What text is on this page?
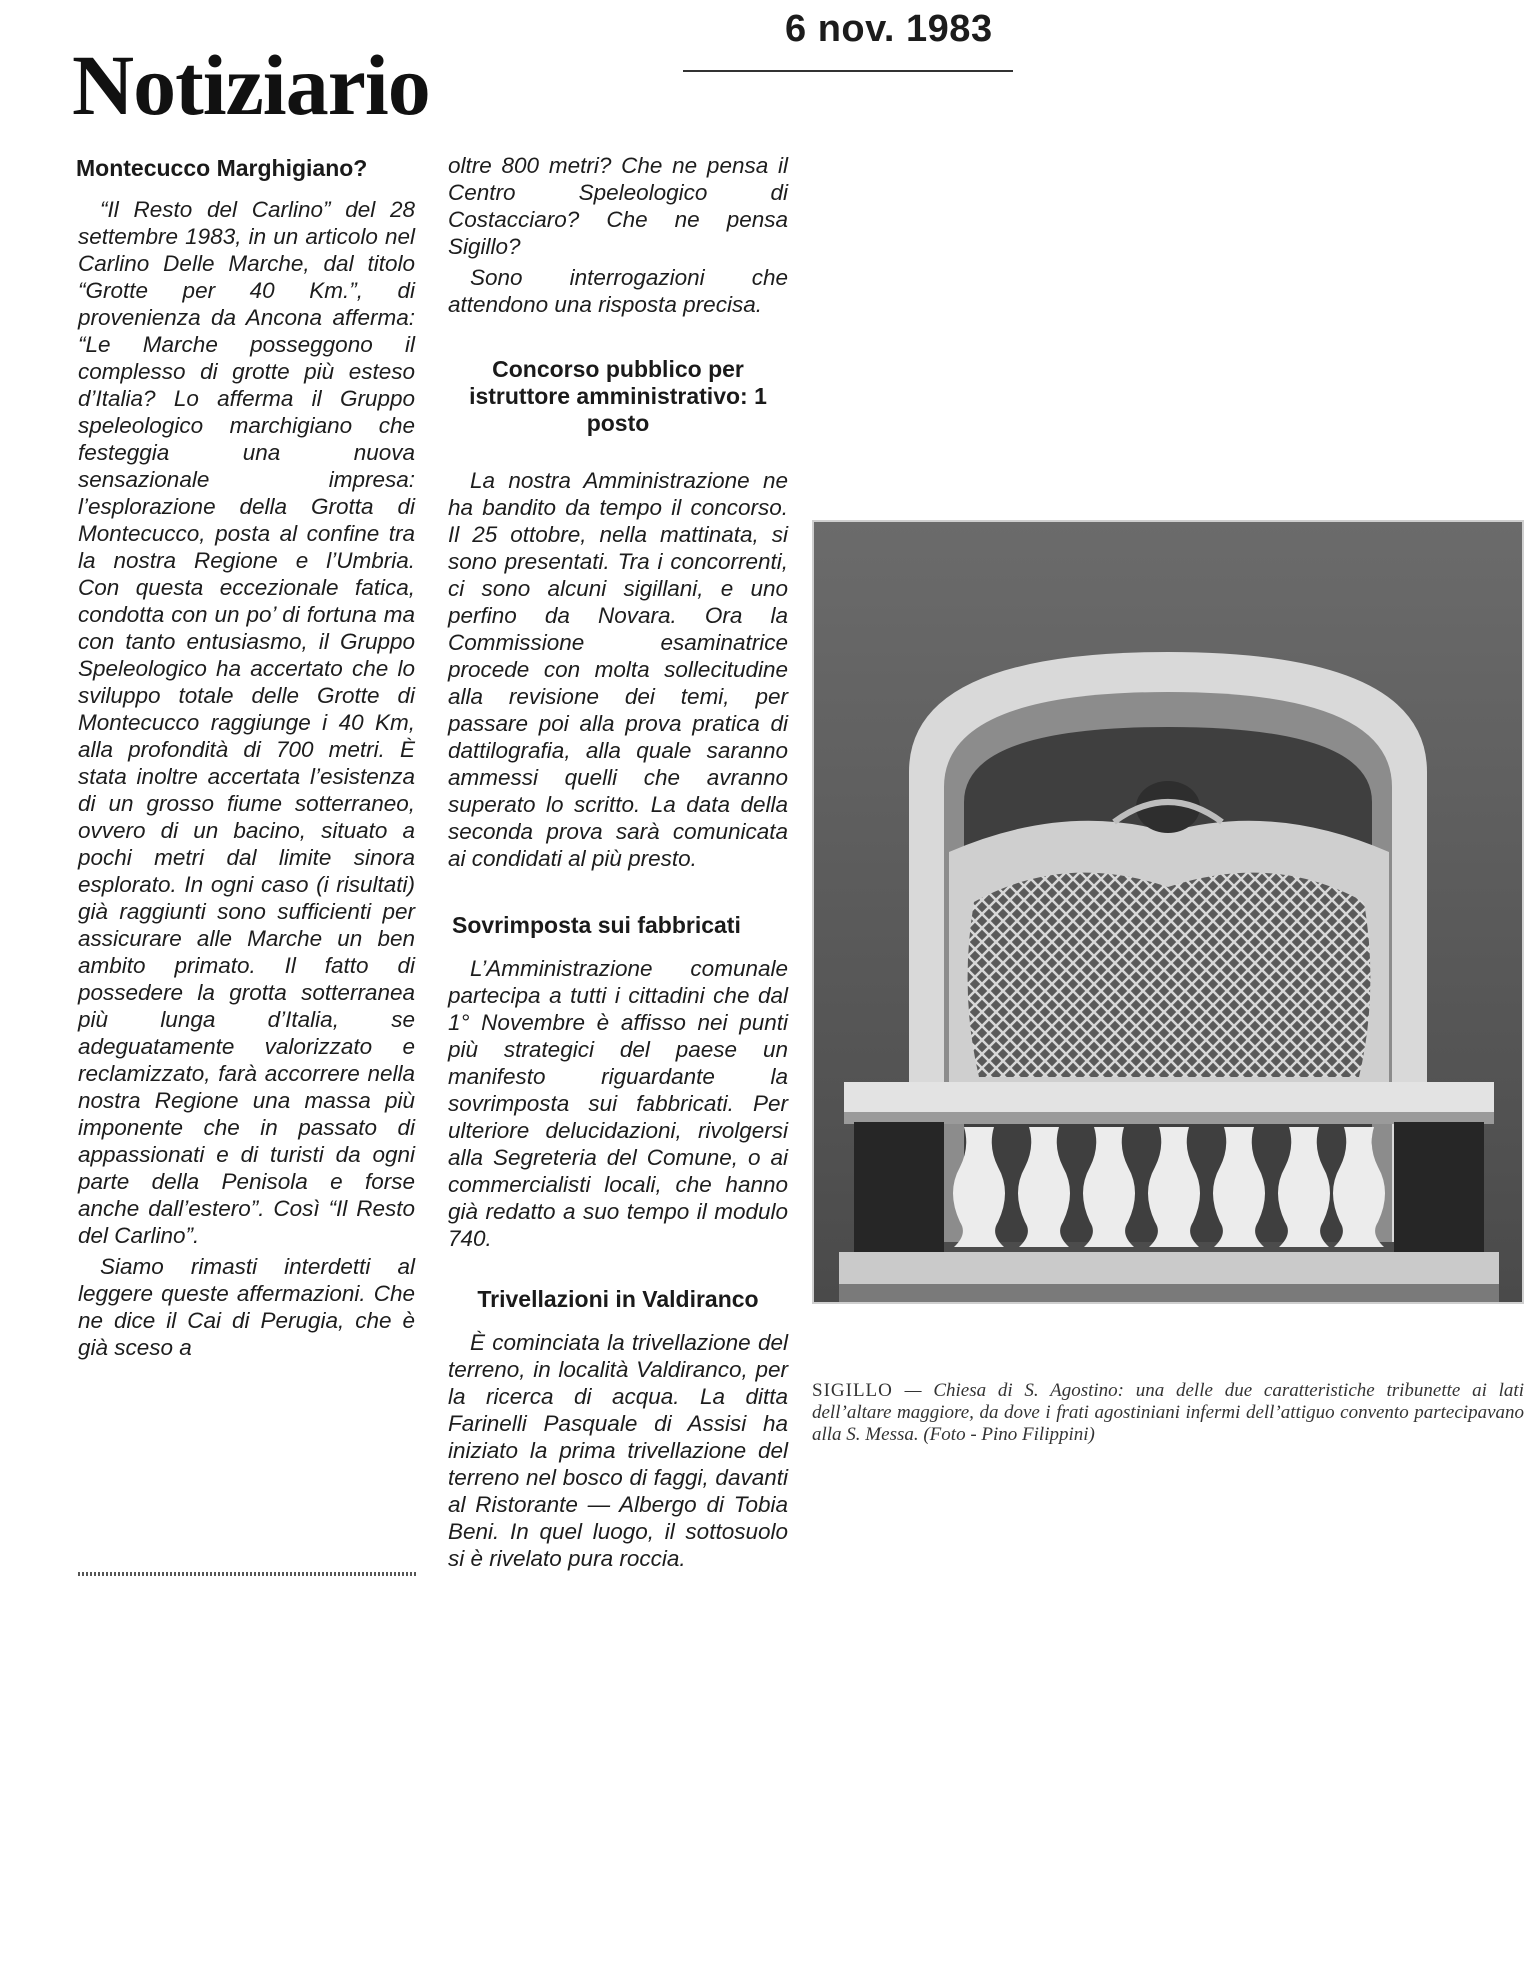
6 nov. 1983
Notiziario
Montecucco Marghigiano?

“Il Resto del Carlino” del 28 settembre 1983, in un articolo nel Carlino Delle Marche, dal titolo “Grotte per 40 Km.”, di provenienza da Ancona afferma: “Le Marche posseggono il complesso di grotte più esteso d’Italia? Lo afferma il Gruppo speleologico marchigiano che festeggia una nuova sensazionale impresa: l’esplorazione della Grotta di Montecucco, posta al confine tra la nostra Regione e l’Umbria. Con questa eccezionale fatica, condotta con un po’ di fortuna ma con tanto entusiasmo, il Gruppo Speleologico ha accertato che lo sviluppo totale delle Grotte di Montecucco raggiunge i 40 Km, alla profondità di 700 metri. È stata inoltre accertata l’esistenza di un grosso fiume sotterraneo, ovvero di un bacino, situato a pochi metri dal limite sinora esplorato. In ogni caso (i risultati) già raggiunti sono sufficienti per assicurare alle Marche un ben ambito primato. Il fatto di possedere la grotta sotterranea più lunga d’Italia, se adeguatamente valorizzato e reclamizzato, farà accorrere nella nostra Regione una massa più imponente che in passato di appassionati e di turisti da ogni parte della Penisola e forse anche dall’estero”. Così “Il Resto del Carlino”.

Siamo rimasti interdetti al leggere queste affermazioni. Che ne dice il Cai di Perugia, che è già sceso a

oltre 800 metri? Che ne pensa il Centro Speleologico di Costacciaro? Che ne pensa Sigillo?

Sono interrogazioni che attendono una risposta precisa.

Concorso pubblico per istruttore amministrativo: 1 posto

La nostra Amministrazione ne ha bandito da tempo il concorso. Il 25 ottobre, nella mattinata, si sono presentati. Tra i concorrenti, ci sono alcuni sigillani, e uno perfino da Novara. Ora la Commissione esaminatrice procede con molta sollecitudine alla revisione dei temi, per passare poi alla prova pratica di dattilografia, alla quale saranno ammessi quelli che avranno superato lo scritto. La data della seconda prova sarà comunicata ai condidati al più presto.

Sovrimposta sui fabbricati

L’Amministrazione comunale partecipa a tutti i cittadini che dal 1° Novembre è affisso nei punti più strategici del paese un manifesto riguardante la sovrimposta sui fabbricati. Per ulteriore delucidazioni, rivolgersi alla Segreteria del Comune, o ai commercialisti locali, che hanno già redatto a suo tempo il modulo 740.

Trivellazioni in Valdiranco

È cominciata la trivellazione del terreno, in località Valdiranco, per la ricerca di acqua. La ditta Farinelli Pasquale di Assisi ha iniziato la prima trivellazione del terreno nel bosco di faggi, davanti al Ristorante — Albergo di Tobia Beni. In quel luogo, il sottosuolo si è rivelato pura roccia.

SIGILLO — Chiesa di S. Agostino: una delle due caratteristiche tribunette ai lati dell’altare maggiore, da dove i frati agostiniani infermi dell’attiguo convento partecipavano alla S. Messa. (Foto - Pino Filippini)
